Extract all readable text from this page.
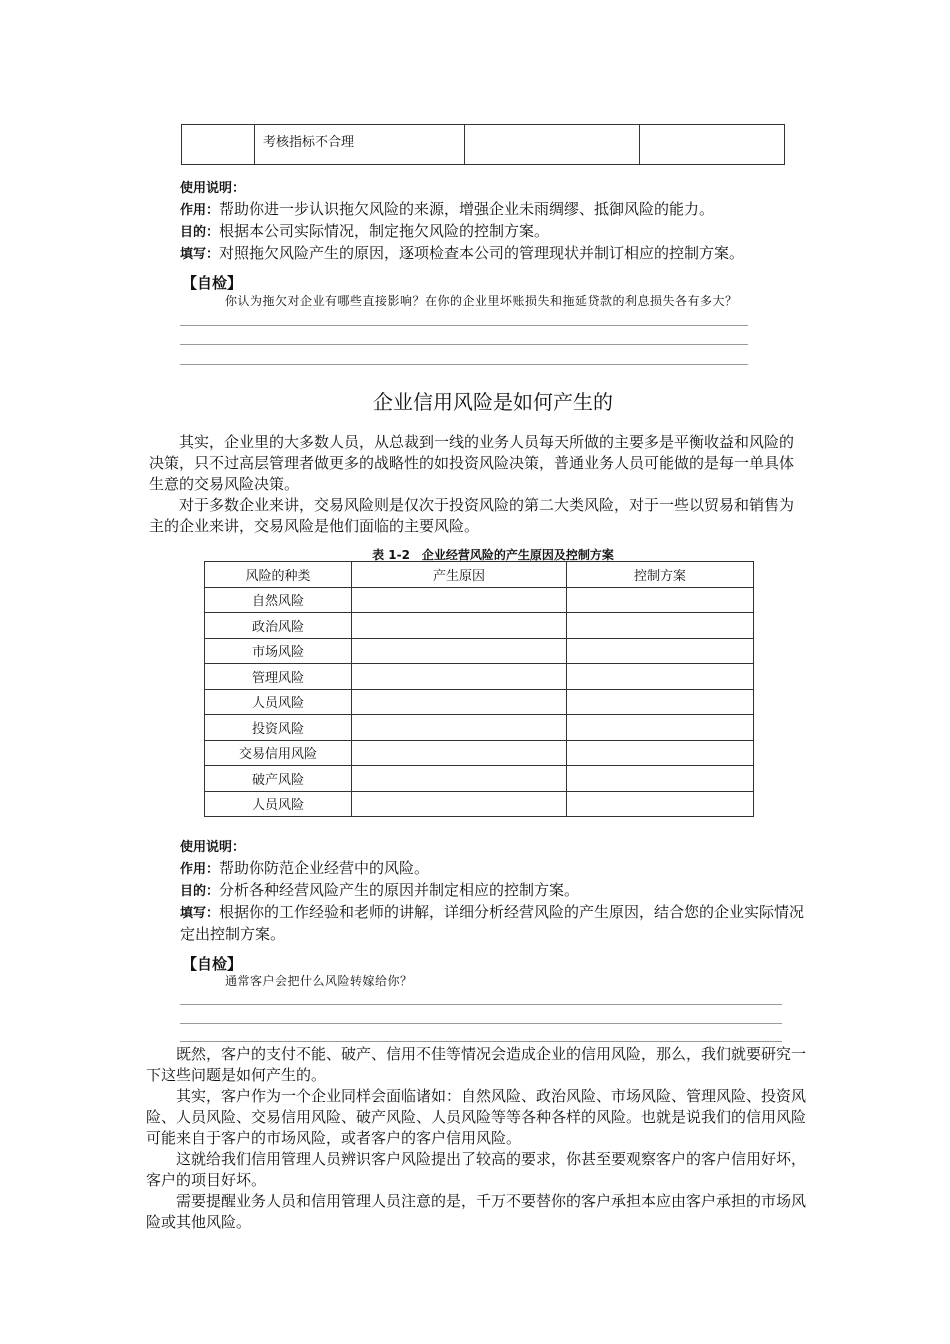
	考核指标不合理		
使用说明：
作用：帮助你进一步认识拖欠风险的来源，增强企业未雨绸缪、抵御风险的能力。
目的：根据本公司实际情况，制定拖欠风险的控制方案。
填写：对照拖欠风险产生的原因，逐项检查本公司的管理现状并制订相应的控制方案。
【自检】
你认为拖欠对企业有哪些直接影响？在你的企业里坏账损失和拖延贷款的利息损失各有多大？
企业信用风险是如何产生的

其实，企业里的大多数人员，从总裁到一线的业务人员每天所做的主要多是平衡收益和风险的决策，只不过高层管理者做更多的战略性的如投资风险决策，普通业务人员可能做的是每一单具体生意的交易风险决策。

对于多数企业来讲，交易风险则是仅次于投资风险的第二大类风险，对于一些以贸易和销售为主的企业来讲，交易风险是他们面临的主要风险。

表 1-2　企业经营风险的产生原因及控制方案
风险的种类	产生原因	控制方案
自然风险		
政治风险		
市场风险		
管理风险		
人员风险		
投资风险		
交易信用风险		
破产风险		
人员风险		
使用说明：
作用：帮助你防范企业经营中的风险。
目的：分析各种经营风险产生的原因并制定相应的控制方案。
填写：根据你的工作经验和老师的讲解，详细分析经营风险的产生原因，结合您的企业实际情况定出控制方案。
【自检】
通常客户会把什么风险转嫁给你？

既然，客户的支付不能、破产、信用不佳等情况会造成企业的信用风险，那么，我们就要研究一下这些问题是如何产生的。

其实，客户作为一个企业同样会面临诸如：自然风险、政治风险、市场风险、管理风险、投资风险、人员风险、交易信用风险、破产风险、人员风险等等各种各样的风险。也就是说我们的信用风险可能来自于客户的市场风险，或者客户的客户信用风险。

这就给我们信用管理人员辨识客户风险提出了较高的要求，你甚至要观察客户的客户信用好坏，客户的项目好坏。

需要提醒业务人员和信用管理人员注意的是，千万不要替你的客户承担本应由客户承担的市场风险或其他风险。
